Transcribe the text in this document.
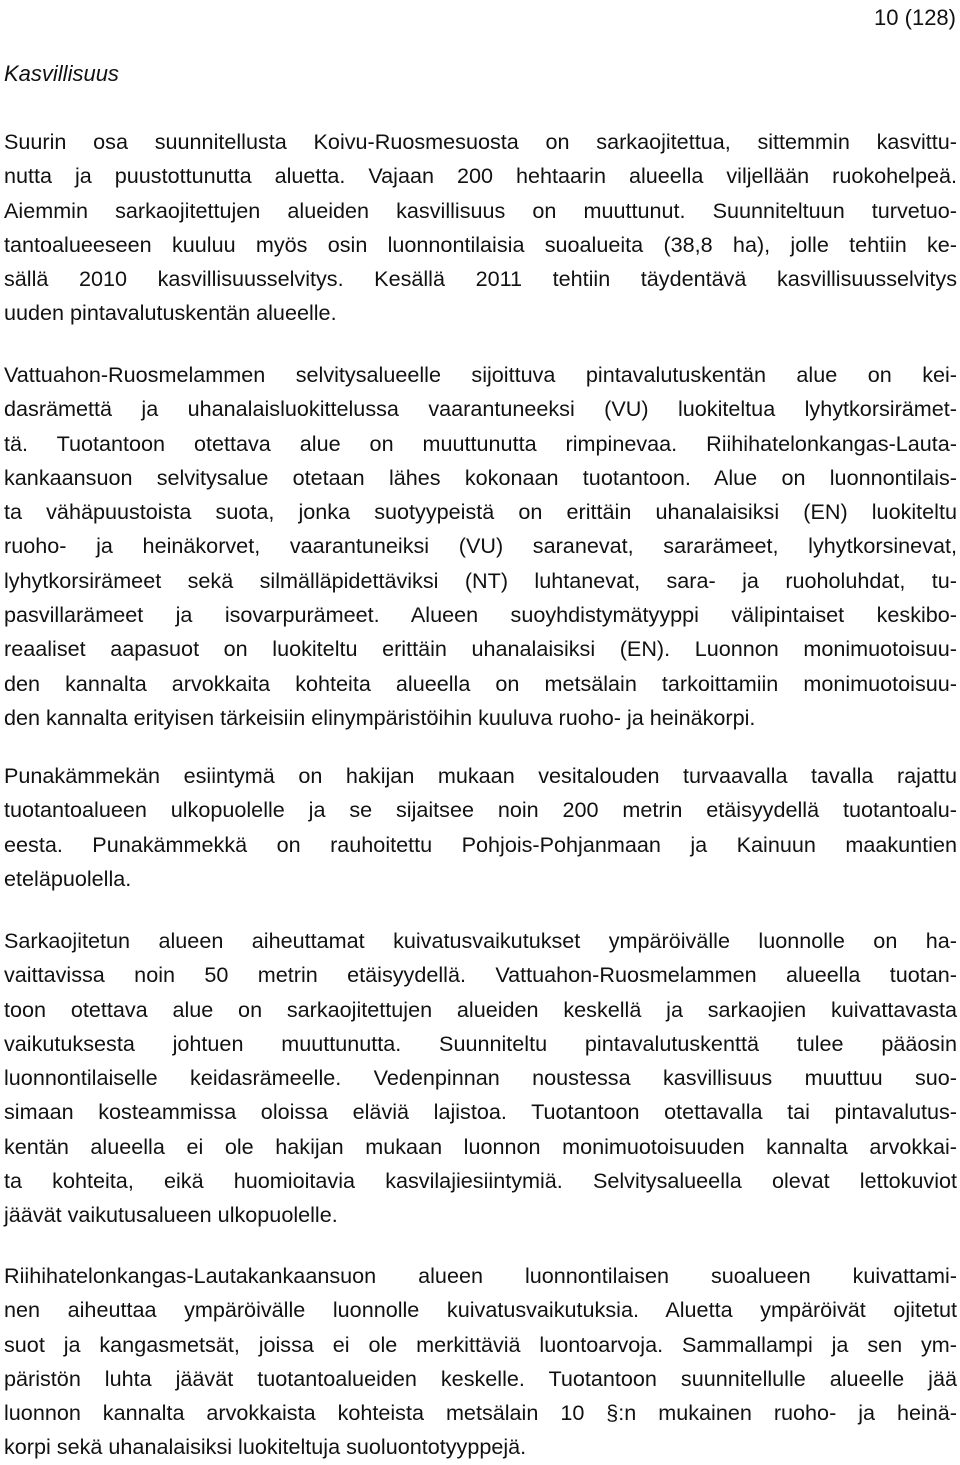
10 (128)
Kasvillisuus

Suurin osa suunnitellusta Koivu-Ruosmesuosta on sarkaojitettua, sittemmin kasvittu-
nutta ja puustottunutta aluetta. Vajaan 200 hehtaarin alueella viljellään ruokohelpeä.
Aiemmin sarkaojitettujen alueiden kasvillisuus on muuttunut. Suunniteltuun turvetuo-
tantoalueeseen kuuluu myös osin luonnontilaisia suoalueita (38,8 ha), jolle tehtiin ke-
sällä 2010 kasvillisuusselvitys. Kesällä 2011 tehtiin täydentävä kasvillisuusselvitys
uuden pintavalutuskentän alueelle.

Vattuahon-Ruosmelammen selvitysalueelle sijoittuva pintavalutuskentän alue on kei-
dasrämettä ja uhanalaisluokittelussa vaarantuneeksi (VU) luokiteltua lyhytkorsirämet-
tä. Tuotantoon otettava alue on muuttunutta rimpinevaa. Riihihatelonkangas-Lauta-
kankaansuon selvitysalue otetaan lähes kokonaan tuotantoon. Alue on luonnontilais-
ta vähäpuustoista suota, jonka suotyypeistä on erittäin uhanalaisiksi (EN) luokiteltu
ruoho- ja heinäkorvet, vaarantuneiksi (VU) saranevat, sararämeet, lyhytkorsinevat,
lyhytkorsirämeet sekä silmälläpidettäviksi (NT) luhtanevat, sara- ja ruoholuhdat, tu-
pasvillarämeet ja isovarpurämeet. Alueen suoyhdistymätyyppi välipintaiset keskibo-
reaaliset aapasuot on luokiteltu erittäin uhanalaisiksi (EN). Luonnon monimuotoisuu-
den kannalta arvokkaita kohteita alueella on metsälain tarkoittamiin monimuotoisuu-
den kannalta erityisen tärkeisiin elinympäristöihin kuuluva ruoho- ja heinäkorpi.

Punakämmekän esiintymä on hakijan mukaan vesitalouden turvaavalla tavalla rajattu
tuotantoalueen ulkopuolelle ja se sijaitsee noin 200 metrin etäisyydellä tuotantoalu-
eesta. Punakämmekkä on rauhoitettu Pohjois-Pohjanmaan ja Kainuun maakuntien
eteläpuolella.

Sarkaojitetun alueen aiheuttamat kuivatusvaikutukset ympäröivälle luonnolle on ha-
vaittavissa noin 50 metrin etäisyydellä. Vattuahon-Ruosmelammen alueella tuotan-
toon otettava alue on sarkaojitettujen alueiden keskellä ja sarkaojien kuivattavasta
vaikutuksesta johtuen muuttunutta. Suunniteltu pintavalutuskenttä tulee pääosin
luonnontilaiselle keidasrämeelle. Vedenpinnan noustessa kasvillisuus muuttuu suo-
simaan kosteammissa oloissa eläviä lajistoa. Tuotantoon otettavalla tai pintavalutus-
kentän alueella ei ole hakijan mukaan luonnon monimuotoisuuden kannalta arvokkai-
ta kohteita, eikä huomioitavia kasvilajiesiintymiä. Selvitysalueella olevat lettokuviot
jäävät vaikutusalueen ulkopuolelle.

Riihihatelonkangas-Lautakankaansuon alueen luonnontilaisen suoalueen kuivattami-
nen aiheuttaa ympäröivälle luonnolle kuivatusvaikutuksia. Aluetta ympäröivät ojitetut
suot ja kangasmetsät, joissa ei ole merkittäviä luontoarvoja. Sammallampi ja sen ym-
päristön luhta jäävät tuotantoalueiden keskelle. Tuotantoon suunnitellulle alueelle jää
luonnon kannalta arvokkaista kohteista metsälain 10 §:n mukainen ruoho- ja heinä-
korpi sekä uhanalaisiksi luokiteltuja suoluontotyyppejä.
